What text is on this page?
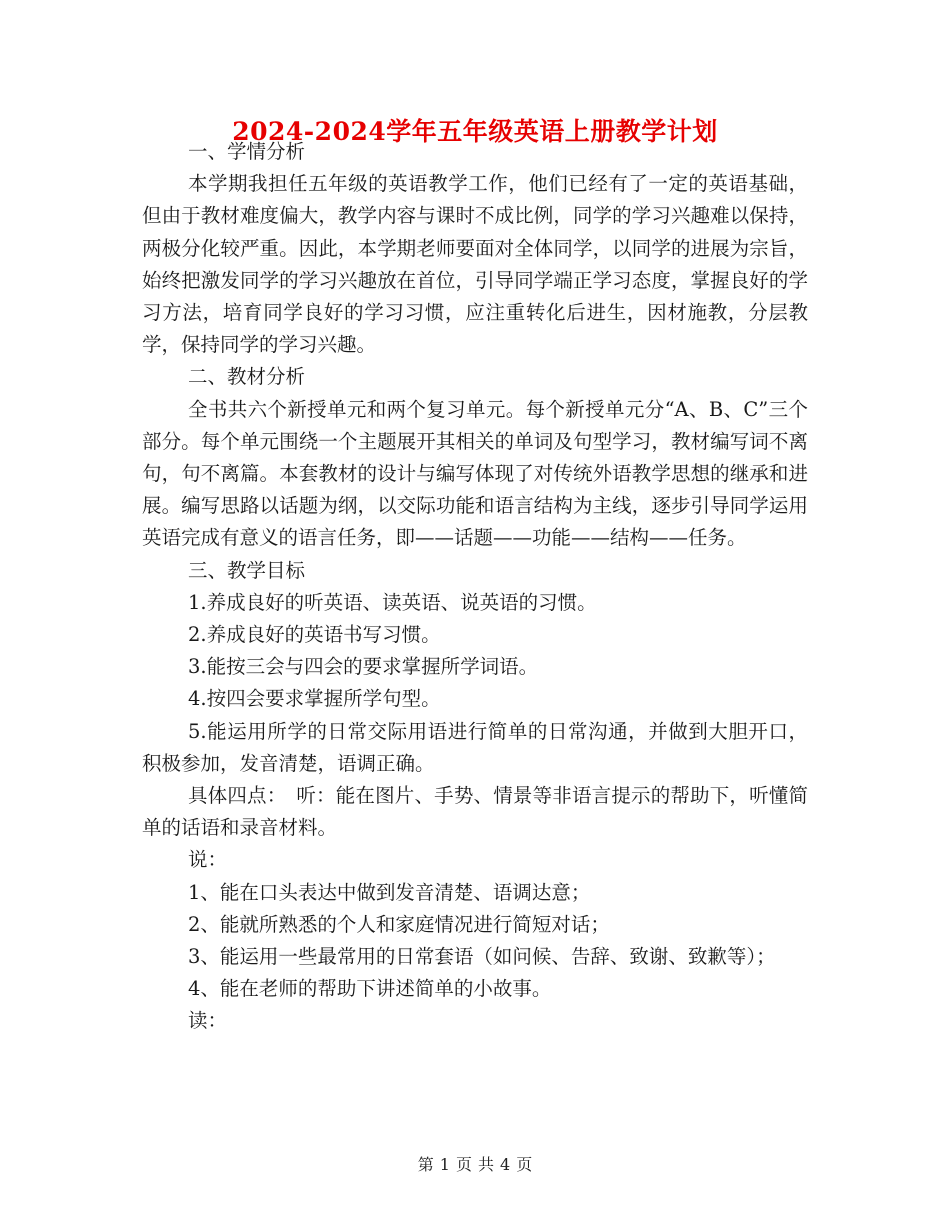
2024-2024学年五年级英语上册教学计划

一、学情分析

本学期我担任五年级的英语教学工作，他们已经有了一定的英语基础，但由于教材难度偏大，教学内容与课时不成比例，同学的学习兴趣难以保持，两极分化较严重。因此，本学期老师要面对全体同学，以同学的进展为宗旨，始终把激发同学的学习兴趣放在首位，引导同学端正学习态度，掌握良好的学习方法，培育同学良好的学习习惯，应注重转化后进生，因材施教，分层教学，保持同学的学习兴趣。

二、教材分析

全书共六个新授单元和两个复习单元。每个新授单元分“A、B、C”三个部分。每个单元围绕一个主题展开其相关的单词及句型学习，教材编写词不离句，句不离篇。本套教材的设计与编写体现了对传统外语教学思想的继承和进展。编写思路以话题为纲，以交际功能和语言结构为主线，逐步引导同学运用英语完成有意义的语言任务，即——话题——功能——结构——任务。

三、教学目标

1.养成良好的听英语、读英语、说英语的习惯。

2.养成良好的英语书写习惯。

3.能按三会与四会的要求掌握所学词语。

4.按四会要求掌握所学句型。

5.能运用所学的日常交际用语进行简单的日常沟通，并做到大胆开口，积极参加，发音清楚，语调正确。

具体四点：　听：能在图片、手势、情景等非语言提示的帮助下，听懂简单的话语和录音材料。

说：

1、能在口头表达中做到发音清楚、语调达意；

2、能就所熟悉的个人和家庭情况进行简短对话；

3、能运用一些最常用的日常套语（如问候、告辞、致谢、致歉等）；

4、能在老师的帮助下讲述简单的小故事。

读：

第 1 页 共 4 页
